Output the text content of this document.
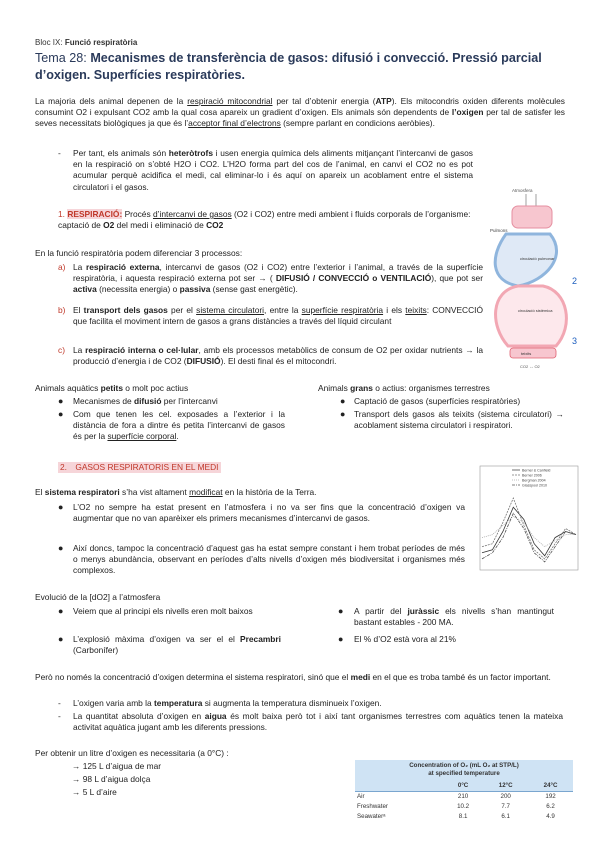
Bloc IX: Funció respiratòria
Tema 28: Mecanismes de transferència de gasos: difusió i convecció. Pressió parcial d’oxigen. Superfícies respiratòries.
La majoria dels animal depenen de la respiració mitocondrial per tal d’obtenir energia (ATP). Els mitocondris oxiden diferents molècules consumint O2 i expulsant CO2 amb la qual cosa apareix un gradient d’oxigen. Els animals són dependents de l’oxigen per tal de satisfer les seves necessitats biològiques ja que és l’acceptor final d’electrons (sempre parlant en condicions aeròbies).
- Per tant, els animals són heteròtrofs i usen energia química dels aliments mitjançant l’intercanvi de gasos en la respiració on s’obté H2O i CO2. L’H2O forma part del cos de l’animal, en canvi el CO2 no es pot acumular perquè acidifica el medi, cal eliminar-lo i és aquí on apareix un acoblament entre el sistema circulatori i el gasos.	Atmosfera
Pulmons
circulació pulmonar
circulació sistèmica
teixits
2
3
CO2 ↔ O2
1. RESPIRACIÓ: Procés d’intercanvi de gasos (O2 i CO2) entre medi ambient i fluids corporals de l’organisme: captació de O2 del medi i eliminació de CO2
En la funció respiratòria podem diferenciar 3 processos:
a) La respiració externa, intercanvi de gasos (O2 i CO2) entre l’exterior i l’animal, a través de la superfície respiratòria, i aquesta respiració externa pot ser → ( DIFUSIÓ / CONVECCIÓ o VENTILACIÓ), que pot ser activa (necessita energia) o passiva (sense gast energètic).
b) El transport dels gasos per el sistema circulatori, entre la superfície respiratòria i els teixits: CONVECCIÓ que facilita el moviment intern de gasos a grans distàncies a través del líquid circulant
c) La respiració interna o cel·lular, amb els processos metabòlics de consum de O2 per oxidar nutrients → la producció d’energia i de CO2 (DIFUSIÓ). El desti final és el mitocondri.
Animals aquàtics petits o molt poc actius
● Mecanismes de difusió per l’intercanvi
● Com que tenen les cel. exposades a l’exterior i la distància de fora a dintre és petita l’intercanvi de gasos és per la superfície corporal.
Animals grans o actius: organismes terrestres
● Captació de gasos (superfícies respiratòries)
● Transport dels gasos als teixits (sistema circulatori) → acoblament sistema circulatori i respiratori.
2. GASOS RESPIRATORIS EN EL MEDI	Berner & Canfield
Berner 2006
Bergman 2004
Glasspool 2010
El sistema respiratori s’ha vist altament modificat en la història de la Terra.
● L’O2 no sempre ha estat present en l’atmosfera i no va ser fins que la concentració d’oxigen va augmentar que no van aparèixer els primers mecanismes d’intercanvi de gasos.
● Així doncs, tampoc la concentració d’aquest gas ha estat sempre constant i hem trobat períodes de més o menys abundància, observant en períodes d’alts nivells d’oxigen més biodiversitat i organismes més complexos.
Evolució de la [dO2] a l’atmosfera
● Veiem que al principi els nivells eren molt baixos
● L’explosió màxima d’oxigen va ser el el Precambri (Carbonífer)
● A partir del juràssic els nivells s’han mantingut bastant estables - 200 MA.
● El % d’O2 està vora al 21%
Però no només la concentració d’oxigen determina el sistema respiratori, sinó que el medi en el que es troba també és un factor important.
- L’oxigen varia amb la temperatura si augmenta la temperatura disminueix l’oxigen.
- La quantitat absoluta d’oxigen en aigua és molt baixa però tot i així tant organismes terrestres com aquàtics tenen la mateixa activitat aquàtica jugant amb les diferents pressions.
Per obtenir un litre d’oxigen es necessitaria (a 0°C) :
→ 125 L d’aigua de mar
→ 98 L d’aigua dolça
→ 5 L d’aire
Concentration of O₂ (mL O₂ at STP/L)
at specified temperature			

	0°C	12°C	24°C
Air	210	200	192
Freshwater	10.2	7.7	6.2
Seawaterᵃ	8.1	6.1	4.9
